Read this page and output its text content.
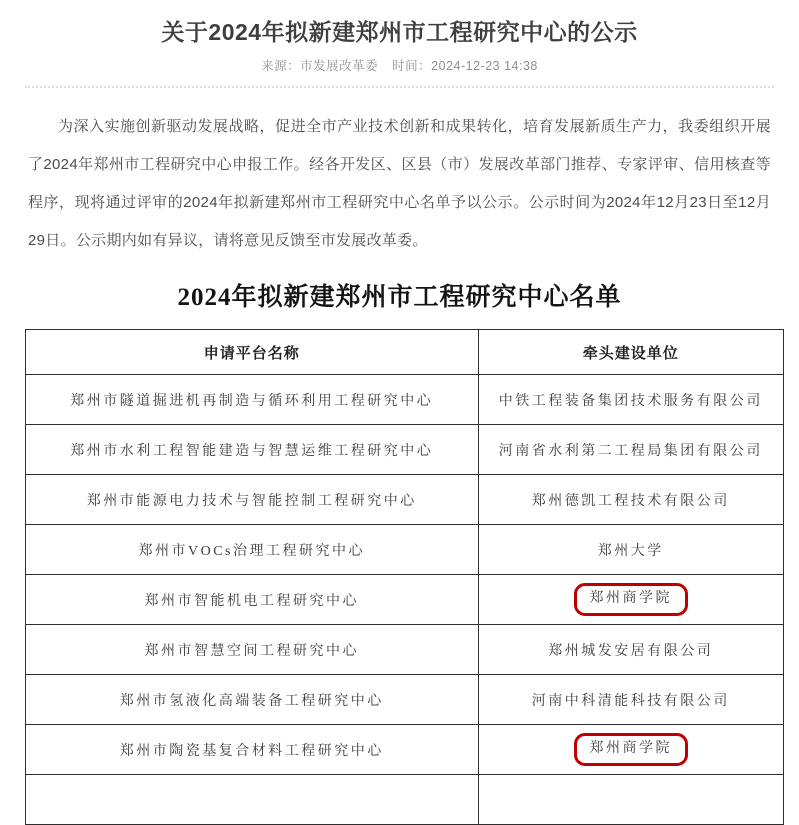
关于2024年拟新建郑州市工程研究中心的公示
来源：市发展改革委 时间：2024-12-23 14:38

为深入实施创新驱动发展战略，促进全市产业技术创新和成果转化，培育发展新质生产力，我委组织开展了2024年郑州市工程研究中心申报工作。经各开发区、区县（市）发展改革部门推荐、专家评审、信用核查等程序，现将通过评审的2024年拟新建郑州市工程研究中心名单予以公示。公示时间为2024年12月23日至12月29日。公示期内如有异议，请将意见反馈至市发展改革委。

2024年拟新建郑州市工程研究中心名单
申请平台名称	牵头建设单位
郑州市隧道掘进机再制造与循环利用工程研究中心	中铁工程装备集团技术服务有限公司
郑州市水利工程智能建造与智慧运维工程研究中心	河南省水利第二工程局集团有限公司
郑州市能源电力技术与智能控制工程研究中心	郑州德凯工程技术有限公司
郑州市VOCs治理工程研究中心	郑州大学
郑州市智能机电工程研究中心	郑州商学院
郑州市智慧空间工程研究中心	郑州城发安居有限公司
郑州市氢液化高端装备工程研究中心	河南中科清能科技有限公司
郑州市陶瓷基复合材料工程研究中心	郑州商学院
